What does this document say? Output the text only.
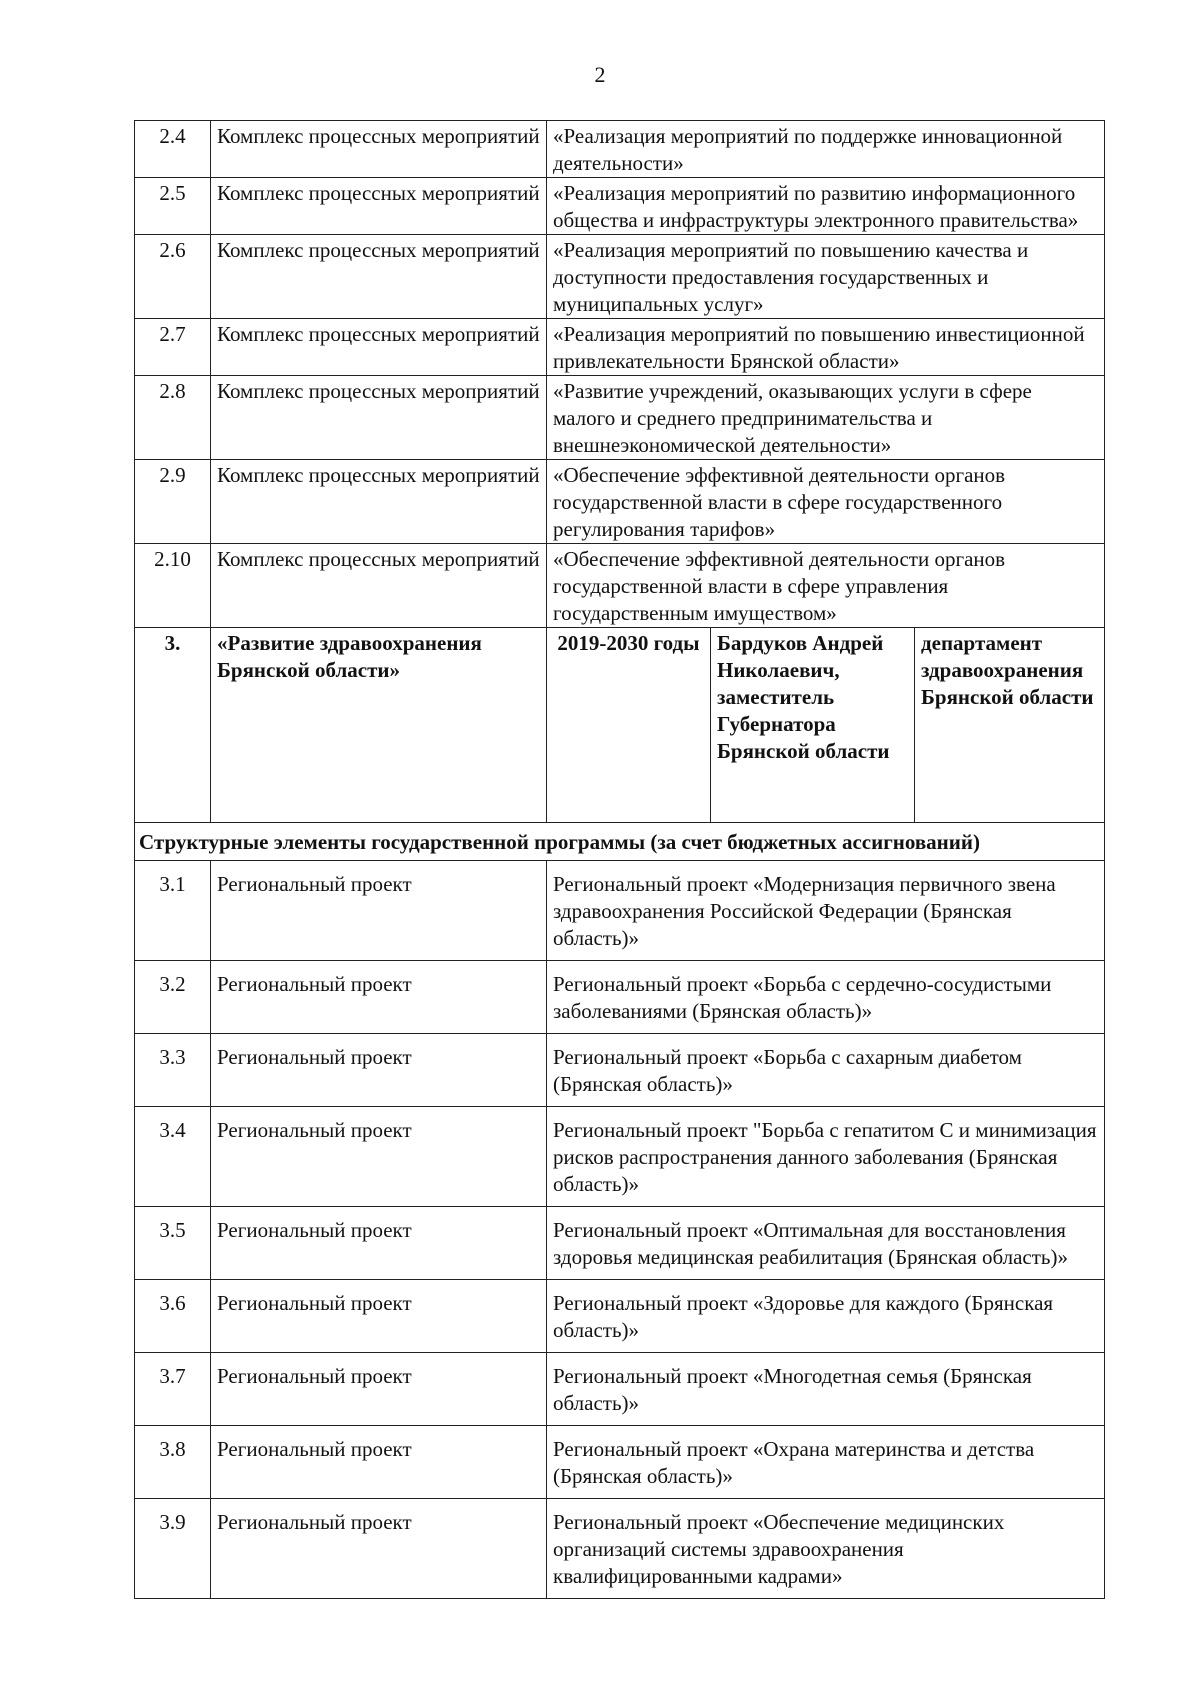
2
2.4	Комплекс процессных мероприятий	«Реализация мероприятий по поддержке инновационной деятельности»		
2.5	Комплекс процессных мероприятий	«Реализация мероприятий по развитию информационного общества и инфраструктуры электронного правительства»		
2.6	Комплекс процессных мероприятий	«Реализация мероприятий по повышению качества и доступности предоставления государственных и муниципальных услуг»		
2.7	Комплекс процессных мероприятий	«Реализация мероприятий по повышению инвестиционной привлекательности Брянской области»		
2.8	Комплекс процессных мероприятий	«Развитие учреждений, оказывающих услуги в сфере малого и среднего предпринимательства и внешнеэкономической деятельности»		
2.9	Комплекс процессных мероприятий	«Обеспечение эффективной деятельности органов государственной власти в сфере государственного регулирования тарифов»		
2.10	Комплекс процессных мероприятий	«Обеспечение эффективной деятельности органов государственной власти в сфере управления государственным имуществом»		
3.	«Развитие здравоохранения Брянской области»	2019-2030 годы	Бардуков Андрей Николаевич, заместитель Губернатора Брянской области	департамент здравоохранения Брянской области
Структурные элементы государственной программы (за счет бюджетных ассигнований)				
3.1	Региональный проект	Региональный проект «Модернизация первичного звена здравоохранения Российской Федерации (Брянская область)»		
3.2	Региональный проект	Региональный проект «Борьба с сердечно-сосудистыми заболеваниями (Брянская область)»		
3.3	Региональный проект	Региональный проект «Борьба с сахарным диабетом (Брянская область)»		
3.4	Региональный проект	Региональный проект "Борьба с гепатитом С и минимизация рисков распространения данного заболевания (Брянская область)»		
3.5	Региональный проект	Региональный проект «Оптимальная для восстановления здоровья медицинская реабилитация (Брянская область)»		
3.6	Региональный проект	Региональный проект «Здоровье для каждого (Брянская область)»		
3.7	Региональный проект	Региональный проект «Многодетная семья (Брянская область)»		
3.8	Региональный проект	Региональный проект «Охрана материнства и детства (Брянская область)»		
3.9	Региональный проект	Региональный проект «Обеспечение медицинских организаций системы здравоохранения квалифицированными кадрами»		
